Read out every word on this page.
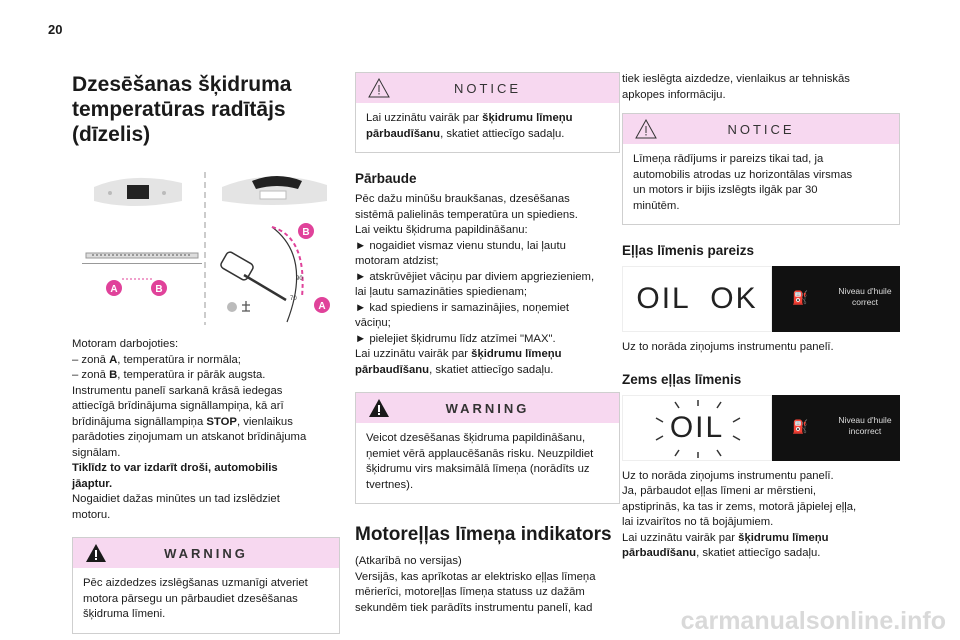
20
Dzesēšanas šķidruma
temperatūras radītājs
(dīzelis)
A	B
B
A
90
70

Motoram darbojoties:
– zonā A, temperatūra ir normāla;
– zonā B, temperatūra ir pārāk augsta.
Instrumentu panelī sarkanā krāsā iedegas
attiecīgā brīdinājuma signāllampiņa, kā arī
brīdinājuma signāllampiņa STOP, vienlaikus
parādoties ziņojumam un atskanot brīdinājuma
signālam.
Tiklīdz to var izdarīt droši, automobilis
jāaptur.
Nogaidiet dažas minūtes un tad izslēdziet
motoru.

WARNING

Pēc aizdedzes izslēgšanas uzmanīgi atveriet
motora pārsegu un pārbaudiet dzesēšanas
šķidruma līmeni.

NOTICE

Lai uzzinātu vairāk par šķidrumu līmeņu
pārbaudīšanu, skatiet attiecīgo sadaļu.

Pārbaude

Pēc dažu minūšu braukšanas, dzesēšanas
sistēmā palielinās temperatūra un spiediens.
Lai veiktu šķidruma papildināšanu:
► nogaidiet vismaz vienu stundu, lai ļautu
motoram atdzist;
► atskrūvējiet vāciņu par diviem apgriezieniem,
lai ļautu samazināties spiedienam;
► kad spiediens ir samazinājies, noņemiet
vāciņu;
► pielejiet šķidrumu līdz atzīmei "MAX".
Lai uzzinātu vairāk par šķidrumu līmeņu
pārbaudīšanu, skatiet attiecīgo sadaļu.

WARNING

Veicot dzesēšanas šķidruma papildināšanu,
ņemiet vērā applaucēšanās risku. Neuzpildiet
šķidrumu virs maksimālā līmeņa (norādīts uz
tvertnes).

Motoreļļas līmeņa indikators

(Atkarībā no versijas)
Versijās, kas aprīkotas ar elektrisko eļļas līmeņa
mērierīci, motoreļļas līmeņa statuss uz dažām
sekundēm tiek parādīts instrumentu panelī, kad

tiek ieslēgta aizdedze, vienlaikus ar tehniskās
apkopes informāciju.

NOTICE

Līmeņa rādījums ir pareizs tikai tad, ja
automobilis atrodas uz horizontālas virsmas
un motors ir bijis izslēgts ilgāk par 30
minūtēm.

Eļļas līmenis pareizs
OIL  OK	⛽	Niveau d'huile
correct

Uz to norāda ziņojums instrumentu panelī.

Zems eļļas līmenis
OIL	⛽	Niveau d'huile
incorrect

Uz to norāda ziņojums instrumentu panelī.
Ja, pārbaudot eļļas līmeni ar mērstieni,
apstiprinās, ka tas ir zems, motorā jāpielej eļļa,
lai izvairītos no tā bojājumiem.
Lai uzzinātu vairāk par šķidrumu līmeņu
pārbaudīšanu, skatiet attiecīgo sadaļu.

carmanualsonline.info
